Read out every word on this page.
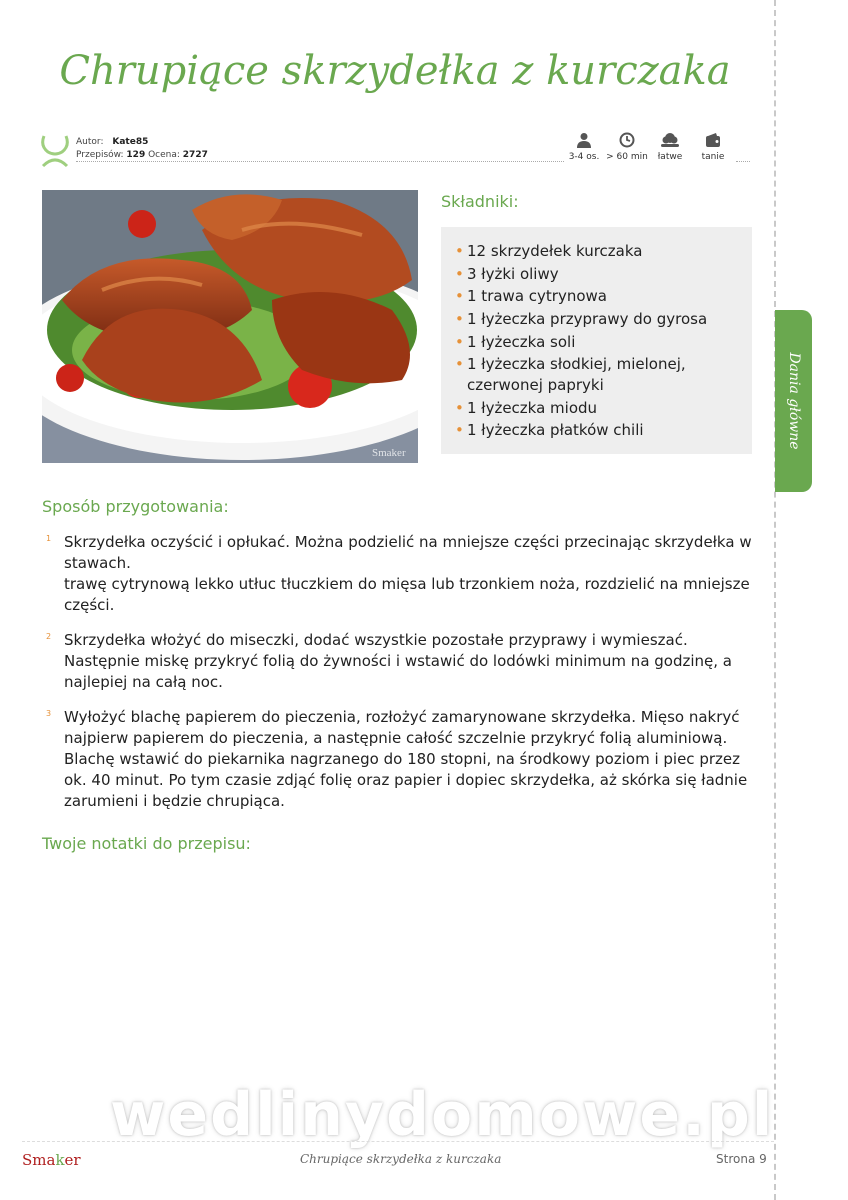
Chrupiące skrzydełka z kurczaka
Autor: Kate85
Przepisów: 129 Ocena: 2727	3-4 os. > 60 min	łatwe	tanie
Smaker
Składniki:
• 12 skrzydełek kurczaka
• 3 łyżki oliwy
• 1 trawa cytrynowa
• 1 łyżeczka przyprawy do gyrosa
• 1 łyżeczka soli
• 1 łyżeczka słodkiej, mielonej, czerwonej papryki
• 1 łyżeczka miodu
• 1 łyżeczka płatków chili
Sposób przygotowania:
1 Skrzydełka oczyścić i opłukać. Można podzielić na mniejsze części przecinając skrzydełka w stawach.
trawę cytrynową lekko utłuc tłuczkiem do mięsa lub trzonkiem noża, rozdzielić na mniejsze części.
2 Skrzydełka włożyć do miseczki, dodać wszystkie pozostałe przyprawy i wymieszać. Następnie miskę przykryć folią do żywności i wstawić do lodówki minimum na godzinę, a najlepiej na całą noc.
3 Wyłożyć blachę papierem do pieczenia, rozłożyć zamarynowane skrzydełka. Mięso nakryć najpierw papierem do pieczenia, a następnie całość szczelnie przykryć folią aluminiową. Blachę wstawić do piekarnika nagrzanego do 180 stopni, na środkowy poziom i piec przez ok. 40 minut. Po tym czasie zdjąć folię oraz papier i dopiec skrzydełka, aż skórka się ładnie zarumieni i będzie chrupiąca.
Twoje notatki do przepisu:
Dania główne
wedlinydomowe.pl
Smaker	Chrupiące skrzydełka z kurczaka	Strona 9
